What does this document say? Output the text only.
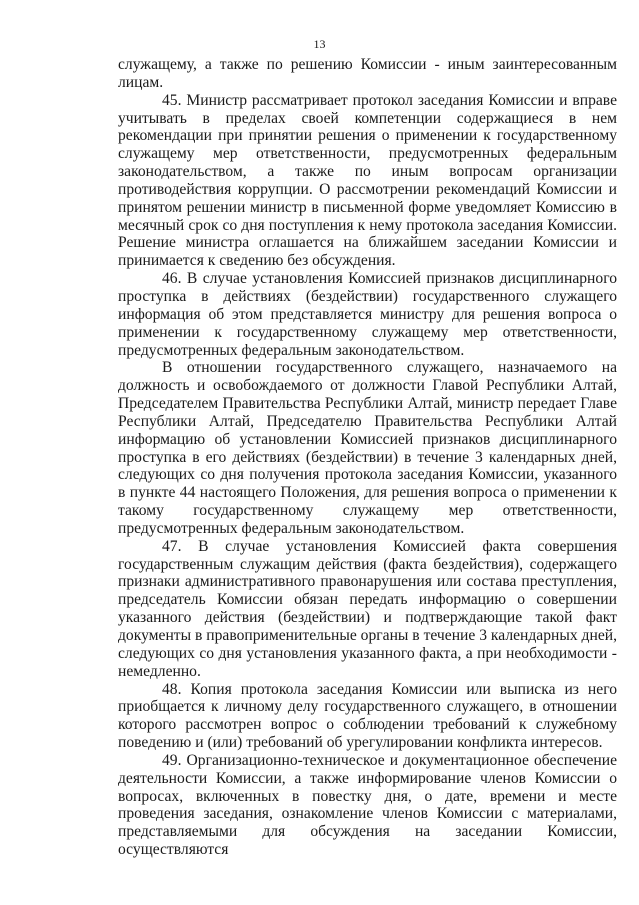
13

служащему, а также по решению Комиссии - иным заинтересованным лицам.

45. Министр рассматривает протокол заседания Комиссии и вправе учитывать в пределах своей компетенции содержащиеся в нем рекомендации при принятии решения о применении к государственному служащему мер ответственности, предусмотренных федеральным законодательством, а также по иным вопросам организации противодействия коррупции. О рассмотрении рекомендаций Комиссии и принятом решении министр в письменной форме уведомляет Комиссию в месячный срок со дня поступления к нему протокола заседания Комиссии. Решение министра оглашается на ближайшем заседании Комиссии и принимается к сведению без обсуждения.

46. В случае установления Комиссией признаков дисциплинарного проступка в действиях (бездействии) государственного служащего информация об этом представляется министру для решения вопроса о применении к государственному служащему мер ответственности, предусмотренных федеральным законодательством.

В отношении государственного служащего, назначаемого на должность и освобождаемого от должности Главой Республики Алтай, Председателем Правительства Республики Алтай, министр передает Главе Республики Алтай, Председателю Правительства Республики Алтай информацию об установлении Комиссией признаков дисциплинарного проступка в его действиях (бездействии) в течение 3 календарных дней, следующих со дня получения протокола заседания Комиссии, указанного в пункте 44 настоящего Положения, для решения вопроса о применении к такому государственному служащему мер ответственности, предусмотренных федеральным законодательством.

47. В случае установления Комиссией факта совершения государственным служащим действия (факта бездействия), содержащего признаки административного правонарушения или состава преступления, председатель Комиссии обязан передать информацию о совершении указанного действия (бездействии) и подтверждающие такой факт документы в правоприменительные органы в течение 3 календарных дней, следующих со дня установления указанного факта, а при необходимости - немедленно.

48. Копия протокола заседания Комиссии или выписка из него приобщается к личному делу государственного служащего, в отношении которого рассмотрен вопрос о соблюдении требований к служебному поведению и (или) требований об урегулировании конфликта интересов.

49. Организационно-техническое и документационное обеспечение деятельности Комиссии, а также информирование членов Комиссии о вопросах, включенных в повестку дня, о дате, времени и месте проведения заседания, ознакомление членов Комиссии с материалами, представляемыми для обсуждения на заседании Комиссии, осуществляются
